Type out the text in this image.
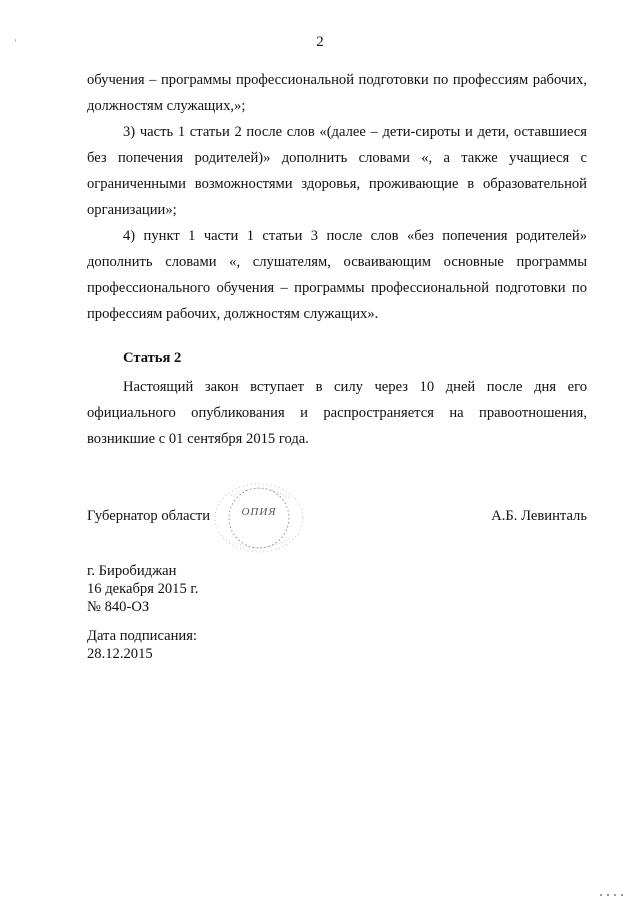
2

обучения – программы профессиональной подготовки по профессиям рабочих, должностям служащих,»;

3) часть 1 статьи 2 после слов «(далее – дети-сироты и дети, оставшиеся без попечения родителей)» дополнить словами «, а также учащиеся с ограниченными возможностями здоровья, проживающие в образовательной организации»;

4) пункт 1 части 1 статьи 3 после слов «без попечения родителей» дополнить словами «, слушателям, осваивающим основные программы профессионального обучения – программы профессиональной подготовки по профессиям рабочих, должностям служащих».

Статья 2

Настоящий закон вступает в силу через 10 дней после дня его официального опубликования и распространяется на правоотношения, возникшие с 01 сентября 2015 года.

Губернатор области	А.Б. Левинталь
ОПИЯ
г. Биробиджан
16 декабря 2015 г.
№ 840-ОЗ
Дата подписания:
28.12.2015
